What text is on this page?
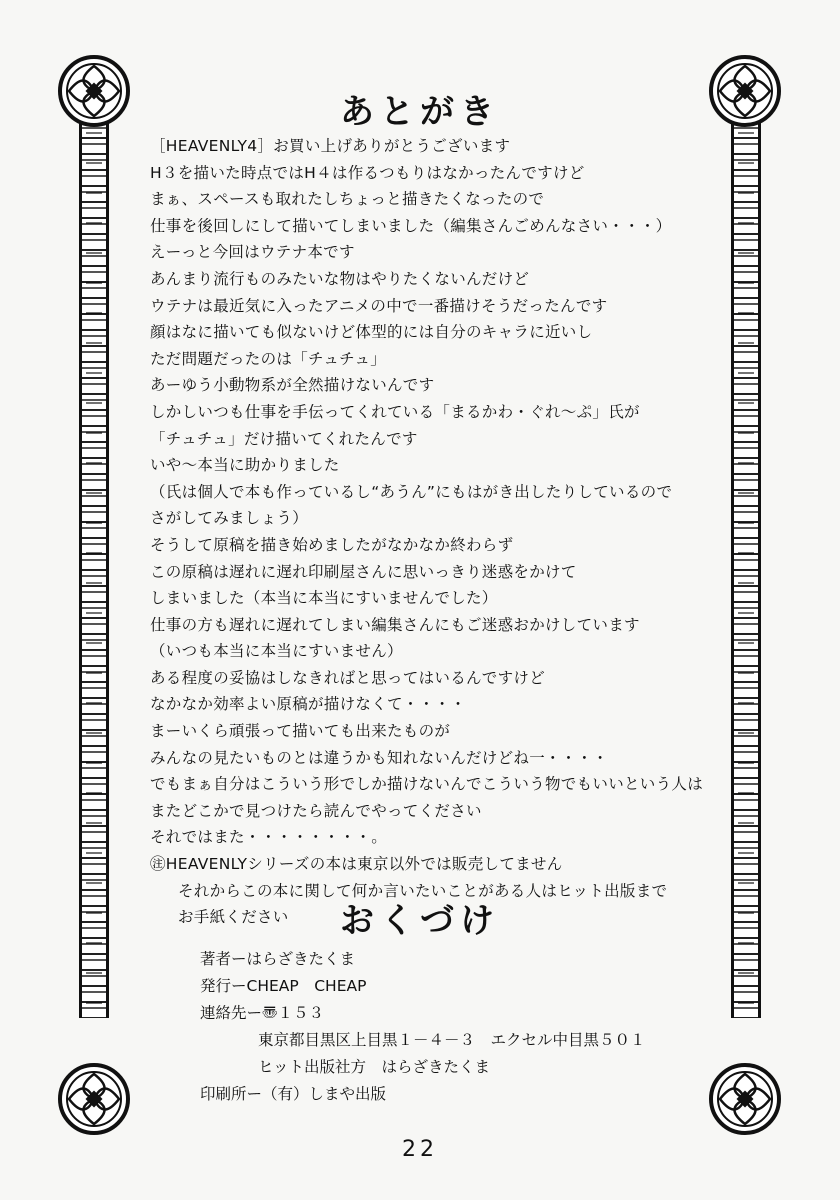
あとがき
［HEAVENLY4］お買い上げありがとうございます
H３を描いた時点ではH４は作るつもりはなかったんですけど
まぁ、スペースも取れたしちょっと描きたくなったので
仕事を後回しにして描いてしまいました（編集さんごめんなさい・・・）
えーっと今回はウテナ本です
あんまり流行ものみたいな物はやりたくないんだけど
ウテナは最近気に入ったアニメの中で一番描けそうだったんです
顔はなに描いても似ないけど体型的には自分のキャラに近いし
ただ問題だったのは「チュチュ」
あーゆう小動物系が全然描けないんです
しかしいつも仕事を手伝ってくれている「まるかわ・ぐれ〜ぷ」氏が
「チュチュ」だけ描いてくれたんです
いや〜本当に助かりました
（氏は個人で本も作っているし“あうん”にもはがき出したりしているので
さがしてみましょう）
そうして原稿を描き始めましたがなかなか終わらず
この原稿は遅れに遅れ印刷屋さんに思いっきり迷惑をかけて
しまいました（本当に本当にすいませんでした）
仕事の方も遅れに遅れてしまい編集さんにもご迷惑おかけしています
（いつも本当に本当にすいません）
ある程度の妥協はしなきればと思ってはいるんですけど
なかなか効率よい原稿が描けなくて・・・・
まーいくら頑張って描いても出来たものが
みんなの見たいものとは違うかも知れないんだけどね一・・・・
でもまぁ自分はこういう形でしか描けないんでこういう物でもいいという人は
またどこかで見つけたら読んでやってください
それではまた・・・・・・・・。
㊟HEAVENLYシリーズの本は東京以外では販売してません
それからこの本に関して何か言いたいことがある人はヒット出版まで
お手紙ください	おくづけ
著者ーはらざきたくま
発行ーCHEAP　CHEAP
連絡先ー〠１５３
東京都目黒区上目黒１－４－３　エクセル中目黒５０１
ヒット出版社方　はらざきたくま
印刷所ー（有）しまや出版
22
